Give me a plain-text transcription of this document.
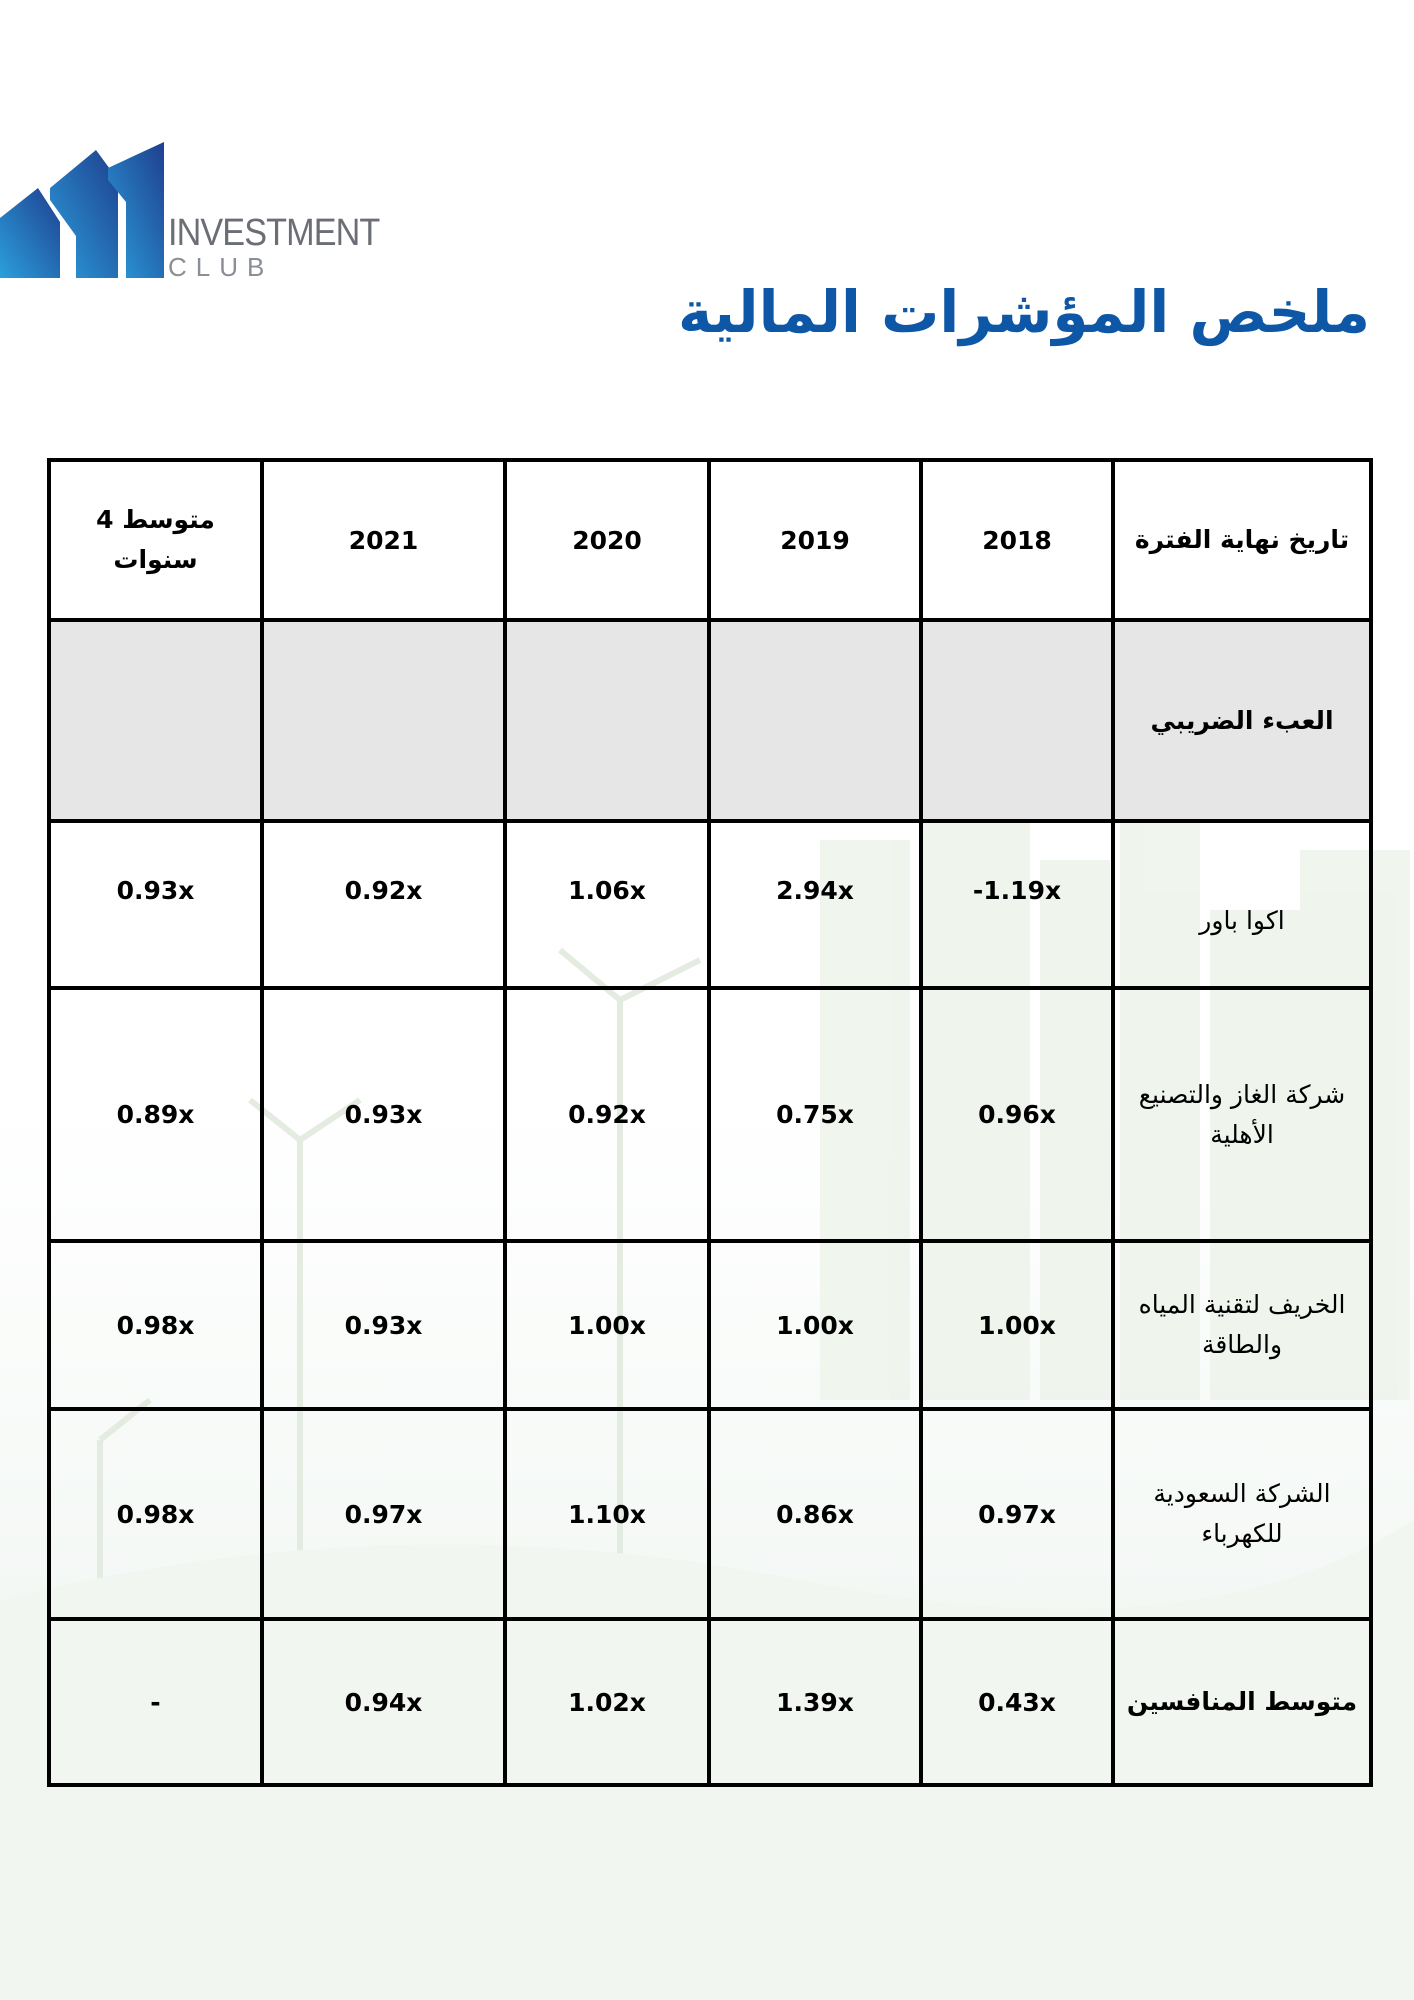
INVESTMENT
CLUB
ملخص المؤشرات المالية
متوسط 4 سنوات	2021	2020	2019	2018	تاريخ نهاية الفترة
					العبء الضريبي
0.93x	0.92x	1.06x	2.94x	-1.19x	اكوا باور
0.89x	0.93x	0.92x	0.75x	0.96x	شركة الغاز والتصنيع الأهلية
0.98x	0.93x	1.00x	1.00x	1.00x	الخريف لتقنية المياه والطاقة
0.98x	0.97x	1.10x	0.86x	0.97x	الشركة السعودية للكهرباء
-	0.94x	1.02x	1.39x	0.43x	متوسط المنافسين
